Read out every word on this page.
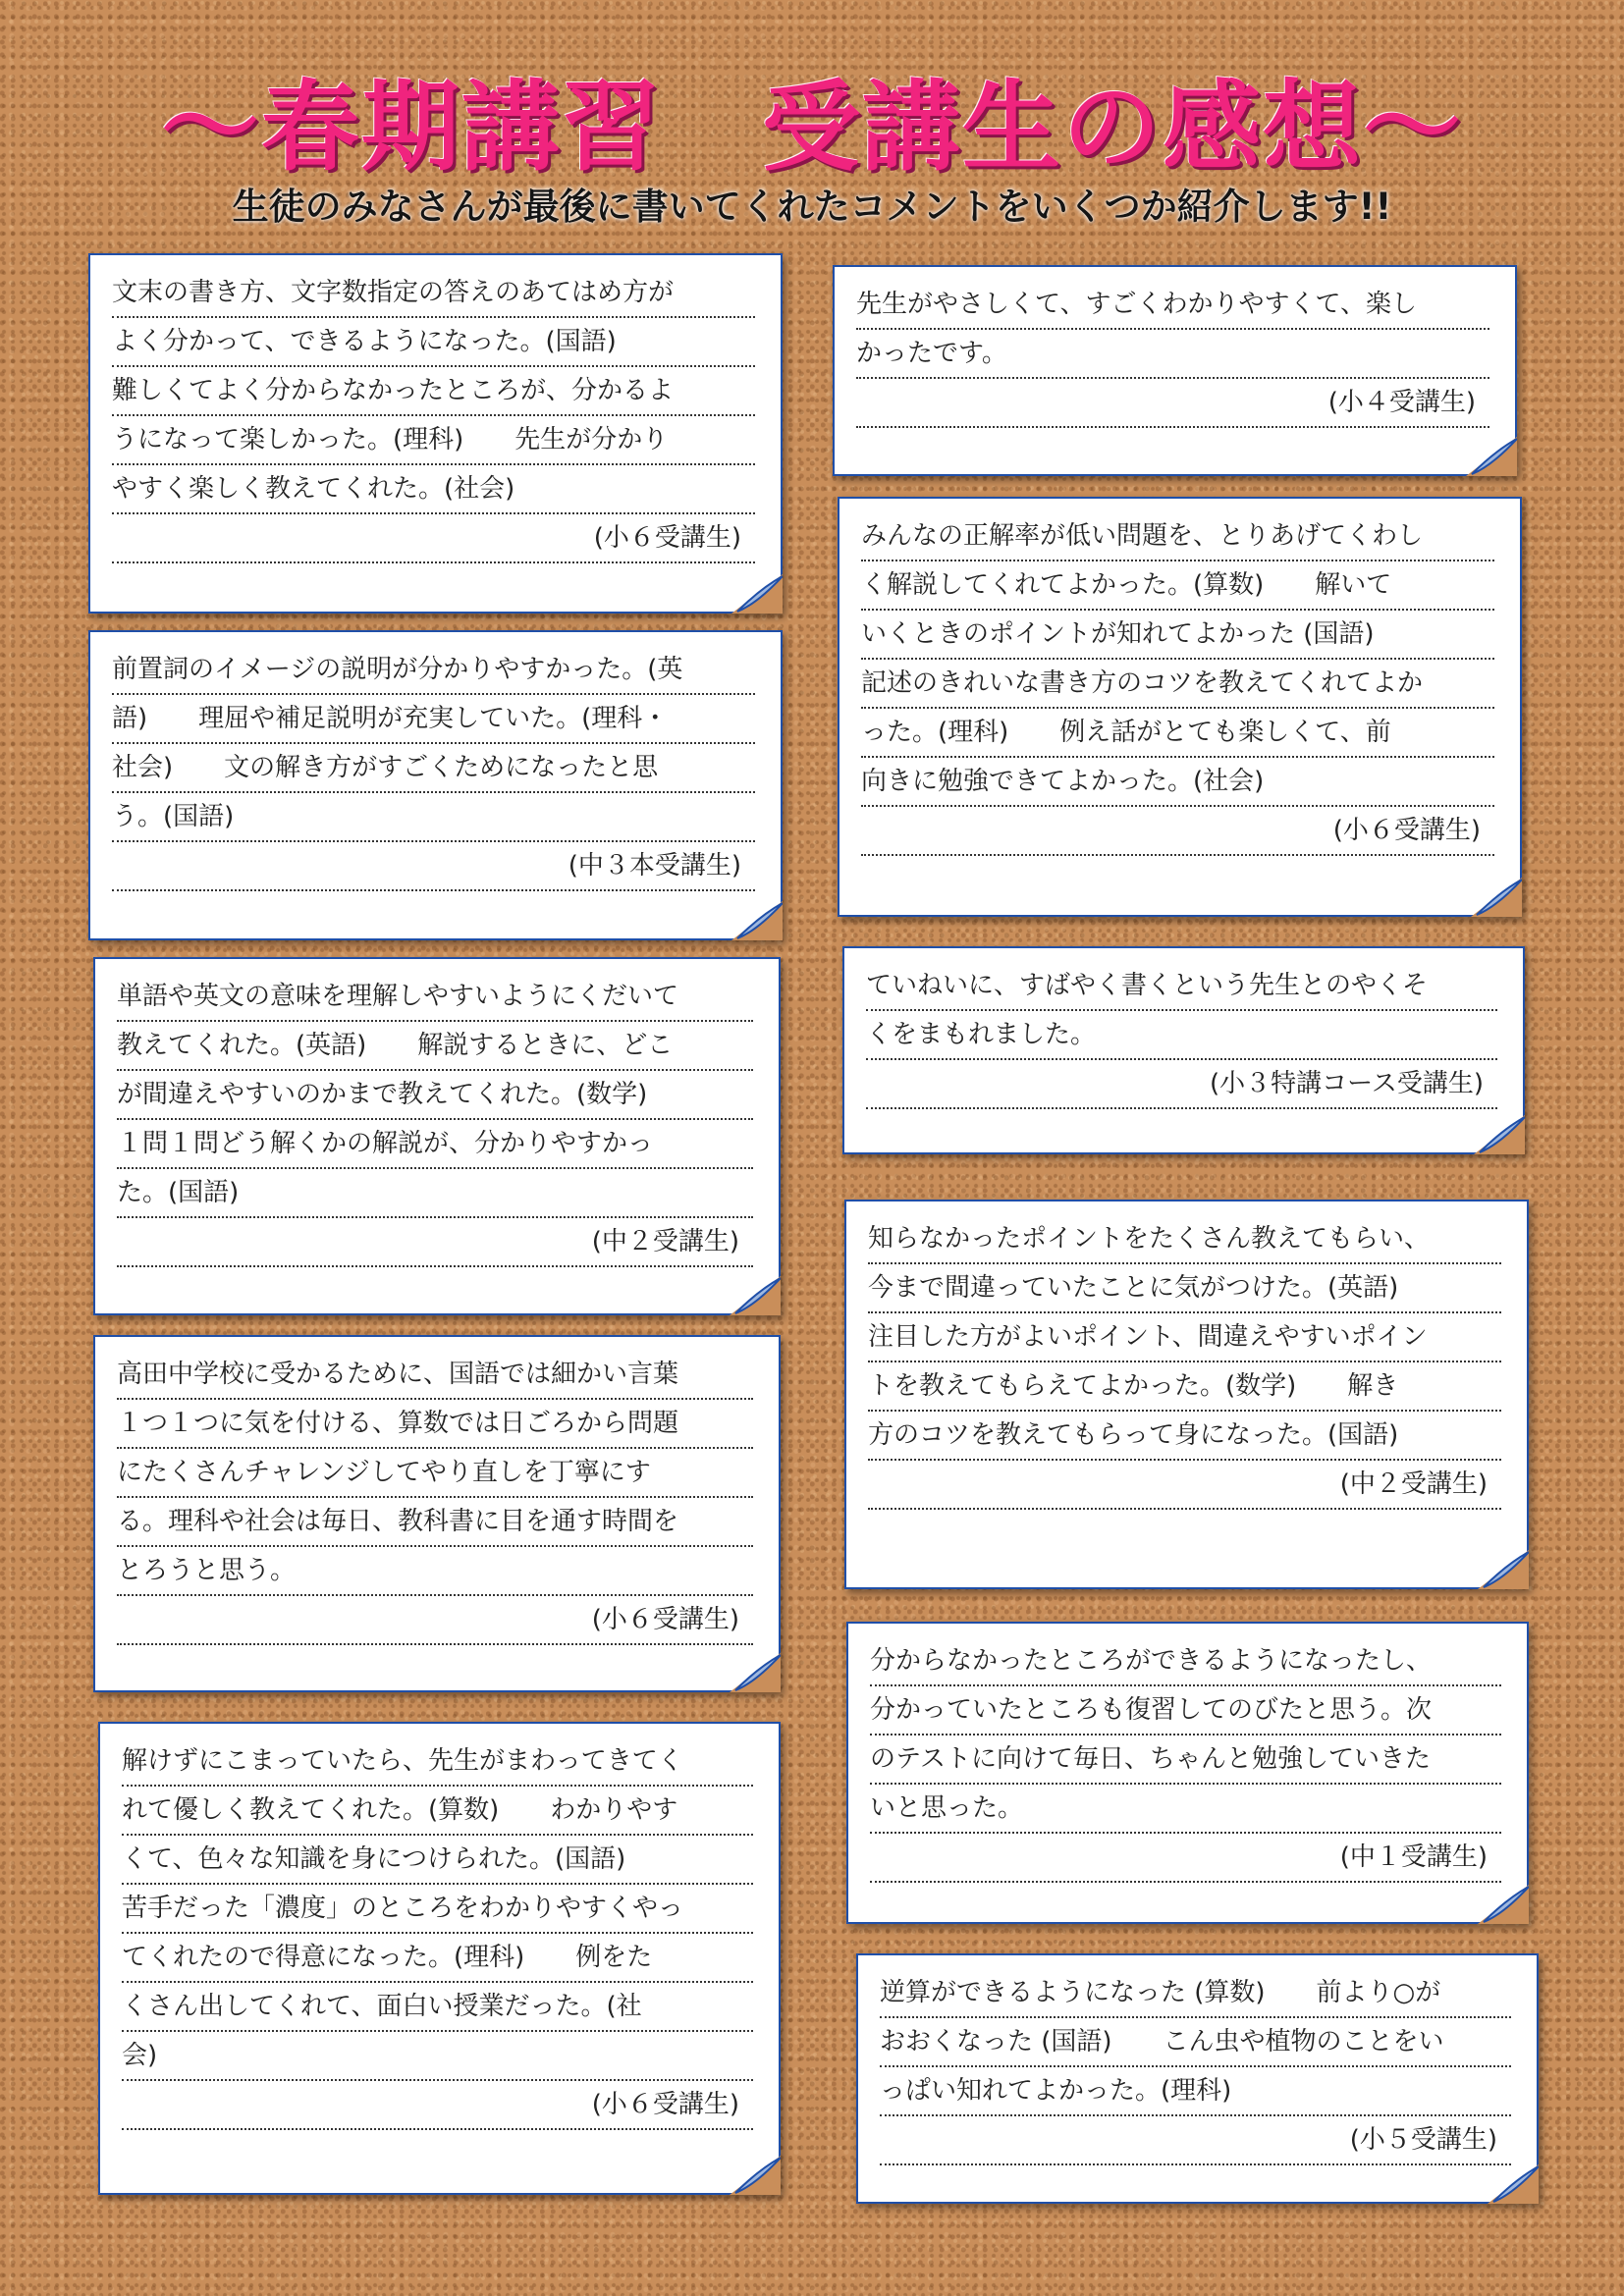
～春期講習　受講生の感想～

生徒のみなさんが最後に書いてくれたコメントをいくつか紹介します!!

文末の書き方、文字数指定の答えのあてはめ方が
よく分かって、できるようになった。(国語)
難しくてよく分からなかったところが、分かるよ
うになって楽しかった。(理科)　　先生が分かり
やすく楽しく教えてくれた。(社会)
(小６受講生)
先生がやさしくて、すごくわかりやすくて、楽し
かったです。
(小４受講生)
前置詞のイメージの説明が分かりやすかった。(英
語)　　理屈や補足説明が充実していた。(理科・
社会)　　文の解き方がすごくためになったと思
う。(国語)
(中３本受講生)
みんなの正解率が低い問題を、とりあげてくわし
く解説してくれてよかった。(算数)　　解いて
いくときのポイントが知れてよかった (国語)
記述のきれいな書き方のコツを教えてくれてよか
った。(理科)　　例え話がとても楽しくて、前
向きに勉強できてよかった。(社会)
(小６受講生)
単語や英文の意味を理解しやすいようにくだいて
教えてくれた。(英語)　　解説するときに、どこ
が間違えやすいのかまで教えてくれた。(数学)
１問１問どう解くかの解説が、分かりやすかっ
た。(国語)
(中２受講生)
ていねいに、すばやく書くという先生とのやくそ
くをまもれました。
(小３特講コース受講生)
知らなかったポイントをたくさん教えてもらい、
今まで間違っていたことに気がつけた。(英語)
注目した方がよいポイント、間違えやすいポイン
トを教えてもらえてよかった。(数学)　　解き
方のコツを教えてもらって身になった。(国語)
(中２受講生)
高田中学校に受かるために、国語では細かい言葉
１つ１つに気を付ける、算数では日ごろから問題
にたくさんチャレンジしてやり直しを丁寧にす
る。理科や社会は毎日、教科書に目を通す時間を
とろうと思う。
(小６受講生)
分からなかったところができるようになったし、
分かっていたところも復習してのびたと思う。次
のテストに向けて毎日、ちゃんと勉強していきた
いと思った。
(中１受講生)
解けずにこまっていたら、先生がまわってきてく
れて優しく教えてくれた。(算数)　　わかりやす
くて、色々な知識を身につけられた。(国語)
苦手だった「濃度」のところをわかりやすくやっ
てくれたので得意になった。(理科)　　例をた
くさん出してくれて、面白い授業だった。(社
会)
(小６受講生)
逆算ができるようになった (算数)　　前より○が
おおくなった (国語)　　こん虫や植物のことをい
っぱい知れてよかった。(理科)
(小５受講生)
